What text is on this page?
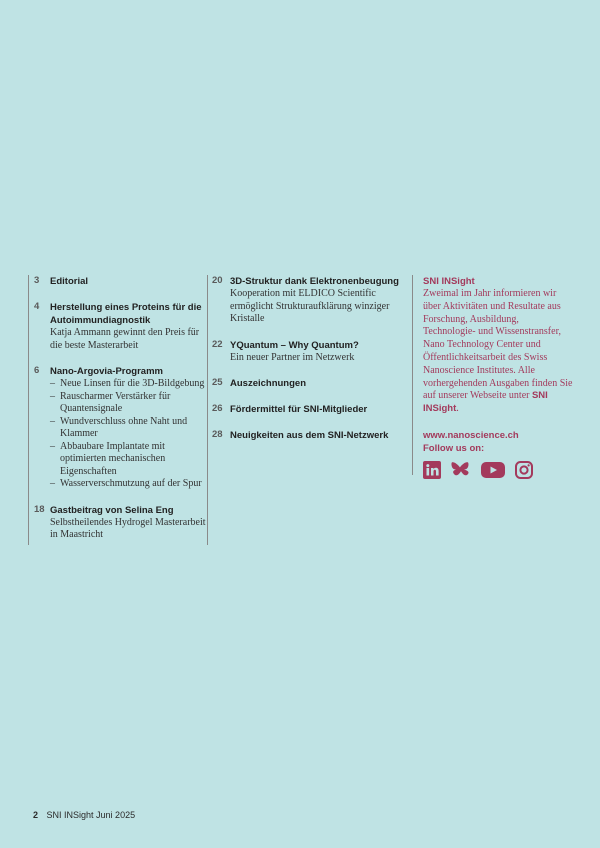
3 Editorial
4 Herstellung eines Proteins für die Autoimmundiagnostik
Katja Ammann gewinnt den Preis für die beste Masterarbeit
6 Nano-Argovia-Programm
– Neue Linsen für die 3D-Bildgebung
– Rauscharmer Verstärker für Quantensignale
– Wundverschluss ohne Naht und Klammer
– Abbaubare Implantate mit optimierten mechanischen Eigenschaften
– Wasserverschmutzung auf der Spur
18 Gastbeitrag von Selina Eng
Selbstheilendes Hydrogel Masterarbeit in Maastricht
20 3D-Struktur dank Elektronenbeugung
Kooperation mit ELDICO Scientific ermöglicht Strukturaufklärung winziger Kristalle
22 YQuantum – Why Quantum?
Ein neuer Partner im Netzwerk
25 Auszeichnungen
26 Fördermittel für SNI-Mitglieder
28 Neuigkeiten aus dem SNI-Netzwerk
SNI INSight
Zweimal im Jahr informieren wir über Aktivitäten und Resultate aus Forschung, Ausbildung, Technologie- und Wissenstransfer, Nano Technology Center und Öffentlichkeitsarbeit des Swiss Nanoscience Institutes. Alle vorhergehenden Ausgaben finden Sie auf unserer Webseite unter SNI INSight.
www.nanoscience.ch
Follow us on:
2 SNI INSight Juni 2025
